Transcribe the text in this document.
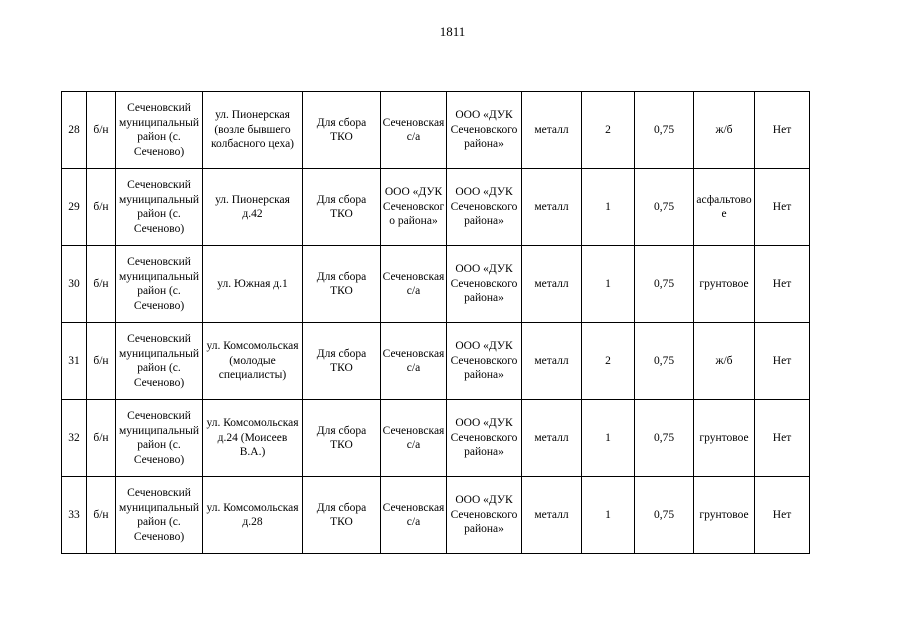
1811
28	б/н	Сеченовский муниципальный район (с. Сеченово)	ул. Пионерская (возле бывшего колбасного цеха)	Для сбора ТКО	Сеченовская с/а	ООО «ДУК Сеченовского района»	металл	2	0,75	ж/б	Нет
29	б/н	Сеченовский муниципальный район (с. Сеченово)	ул. Пионерская д.42	Для сбора ТКО	ООО «ДУК Сеченовског о района»	ООО «ДУК Сеченовского района»	металл	1	0,75	асфальтово е	Нет
30	б/н	Сеченовский муниципальный район (с. Сеченово)	ул. Южная д.1	Для сбора ТКО	Сеченовская с/а	ООО «ДУК Сеченовского района»	металл	1	0,75	грунтовое	Нет
31	б/н	Сеченовский муниципальный район (с. Сеченово)	ул. Комсомольская (молодые специалисты)	Для сбора ТКО	Сеченовская с/а	ООО «ДУК Сеченовского района»	металл	2	0,75	ж/б	Нет
32	б/н	Сеченовский муниципальный район (с. Сеченово)	ул. Комсомольская д.24 (Моисеев В.А.)	Для сбора ТКО	Сеченовская с/а	ООО «ДУК Сеченовского района»	металл	1	0,75	грунтовое	Нет
33	б/н	Сеченовский муниципальный район (с. Сеченово)	ул. Комсомольская д.28	Для сбора ТКО	Сеченовская с/а	ООО «ДУК Сеченовского района»	металл	1	0,75	грунтовое	Нет
